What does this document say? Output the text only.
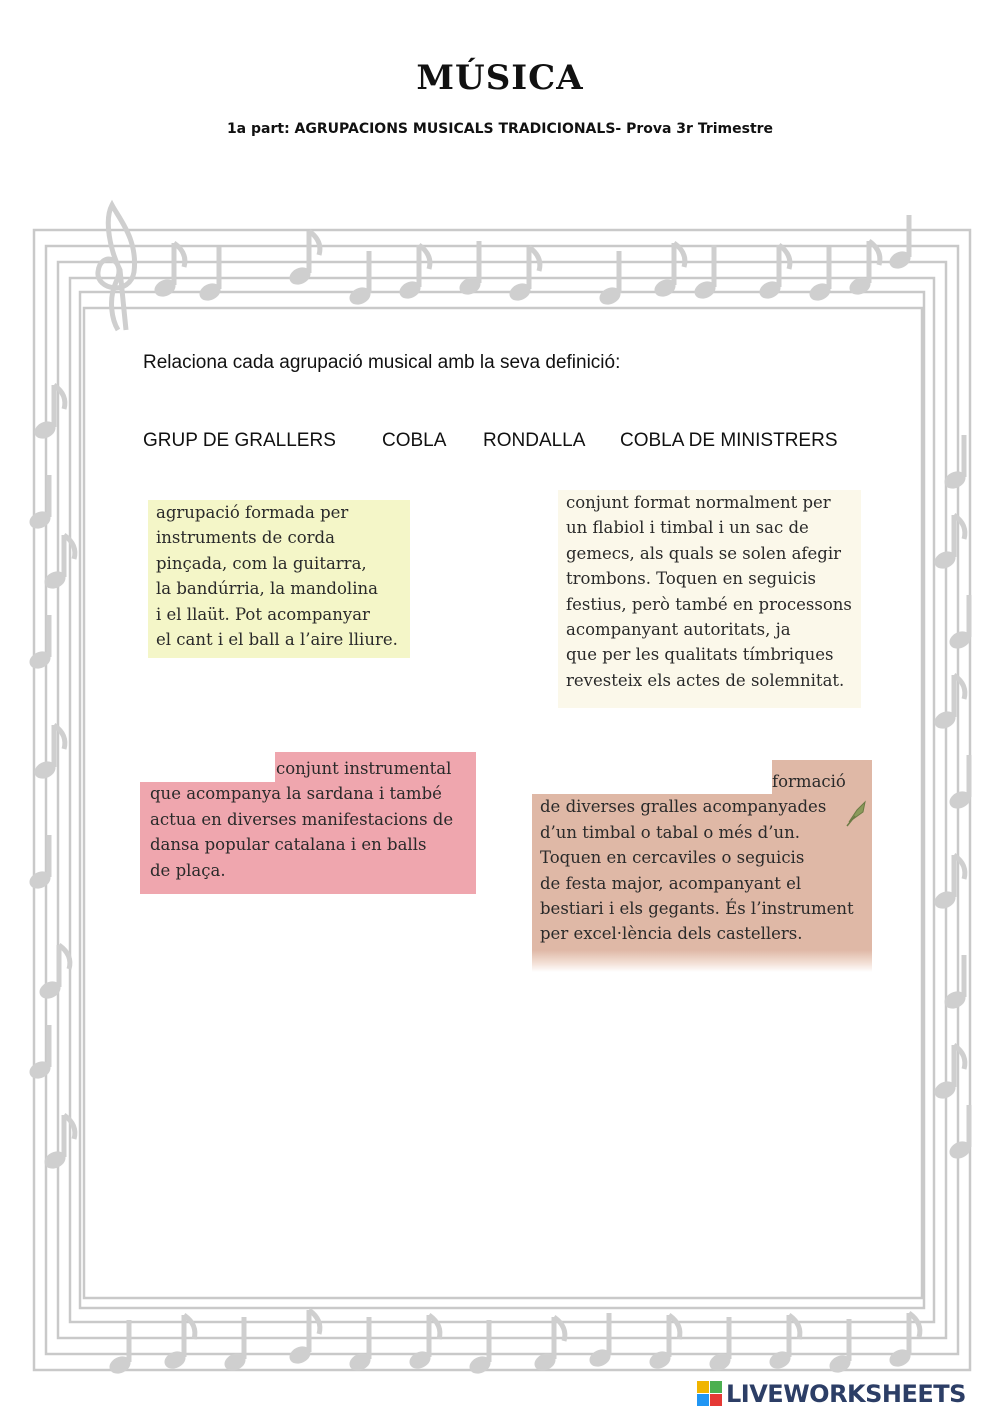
MÚSICA
1a part: AGRUPACIONS MUSICALS TRADICIONALS- Prova 3r Trimestre
Relaciona cada agrupació musical amb la seva definició:
GRUP DE GRALLERS COBLA RONDALLA COBLA DE MINISTRERS
agrupació formada per
instruments de corda
pinçada, com la guitarra,
la bandúrria, la mandolina
i el llaüt. Pot acompanyar
el cant i el ball a l’aire lliure.
conjunt format normalment per
un flabiol i timbal i un sac de
gemecs, als quals se solen afegir
trombons. Toquen en seguicis
festius, però també en processons
acompanyant autoritats, ja
que per les qualitats tímbriques
revesteix els actes de solemnitat.
conjunt instrumental
que acompanya la sardana i també
actua en diverses manifestacions de
dansa popular catalana i en balls
de plaça.
formació
de diverses gralles acompanyades
d’un timbal o tabal o més d’un.
Toquen en cercaviles o seguicis
de festa major, acompanyant el
bestiari i els gegants. És l’instrument
per excel·lència dels castellers.
LIVEWORKSHEETS
